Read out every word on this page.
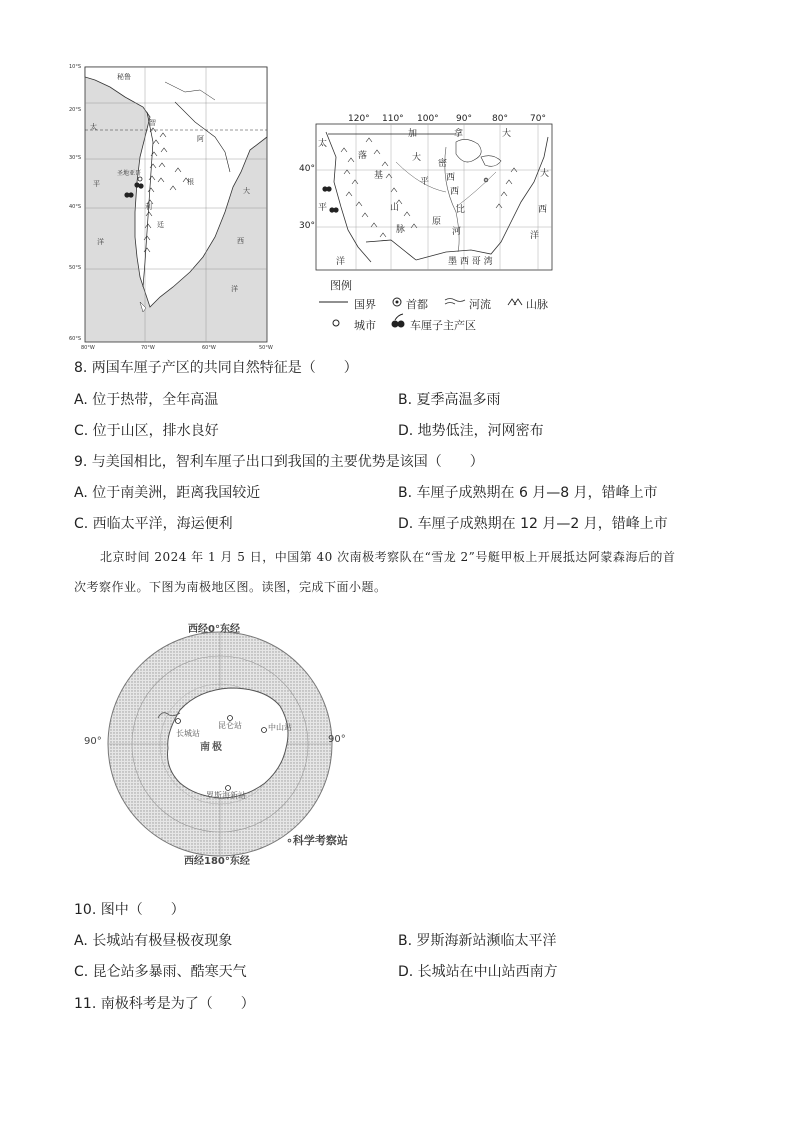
10°S
20°S
30°S
40°S
50°S
60°S
80°W	70°W	60°W	50°W
秘鲁
圣地亚哥
智
利
阿
根
廷
大
西
洋
太
平
洋
120° 110° 100° 90° 80° 70°
40°
30°
加	拿	大
太
平
洋
落
基
山
脉
大
平
原
密
西
西
比
河
墨 西 哥 湾
大
西
洋
图例
国界	首都	河流	山脉
城市	车厘子主产区
8. 两国车厘子产区的共同自然特征是（　　）
A. 位于热带，全年高温	B. 夏季高温多雨
C. 位于山区，排水良好	D. 地势低洼，河网密布
9. 与美国相比，智利车厘子出口到我国的主要优势是该国（　　）
A. 位于南美洲，距离我国较近	B. 车厘子成熟期在 6 月—8 月，错峰上市
C. 西临太平洋，海运便利	D. 车厘子成熟期在 12 月—2 月，错峰上市
北京时间 2024 年 1 月 5 日，中国第 40 次南极考察队在“雪龙 2”号艇甲板上开展抵达阿蒙森海后的首
次考察作业。下图为南极地区图。读图，完成下面小题。
西经0°东经
西经180°东经
90°	90°
南 极
昆仑站	中山站
长城站
罗斯海新站
∘科学考察站
10. 图中（　　）
A. 长城站有极昼极夜现象	B. 罗斯海新站濒临太平洋
C. 昆仑站多暴雨、酷寒天气	D. 长城站在中山站西南方
11. 南极科考是为了（　　）
